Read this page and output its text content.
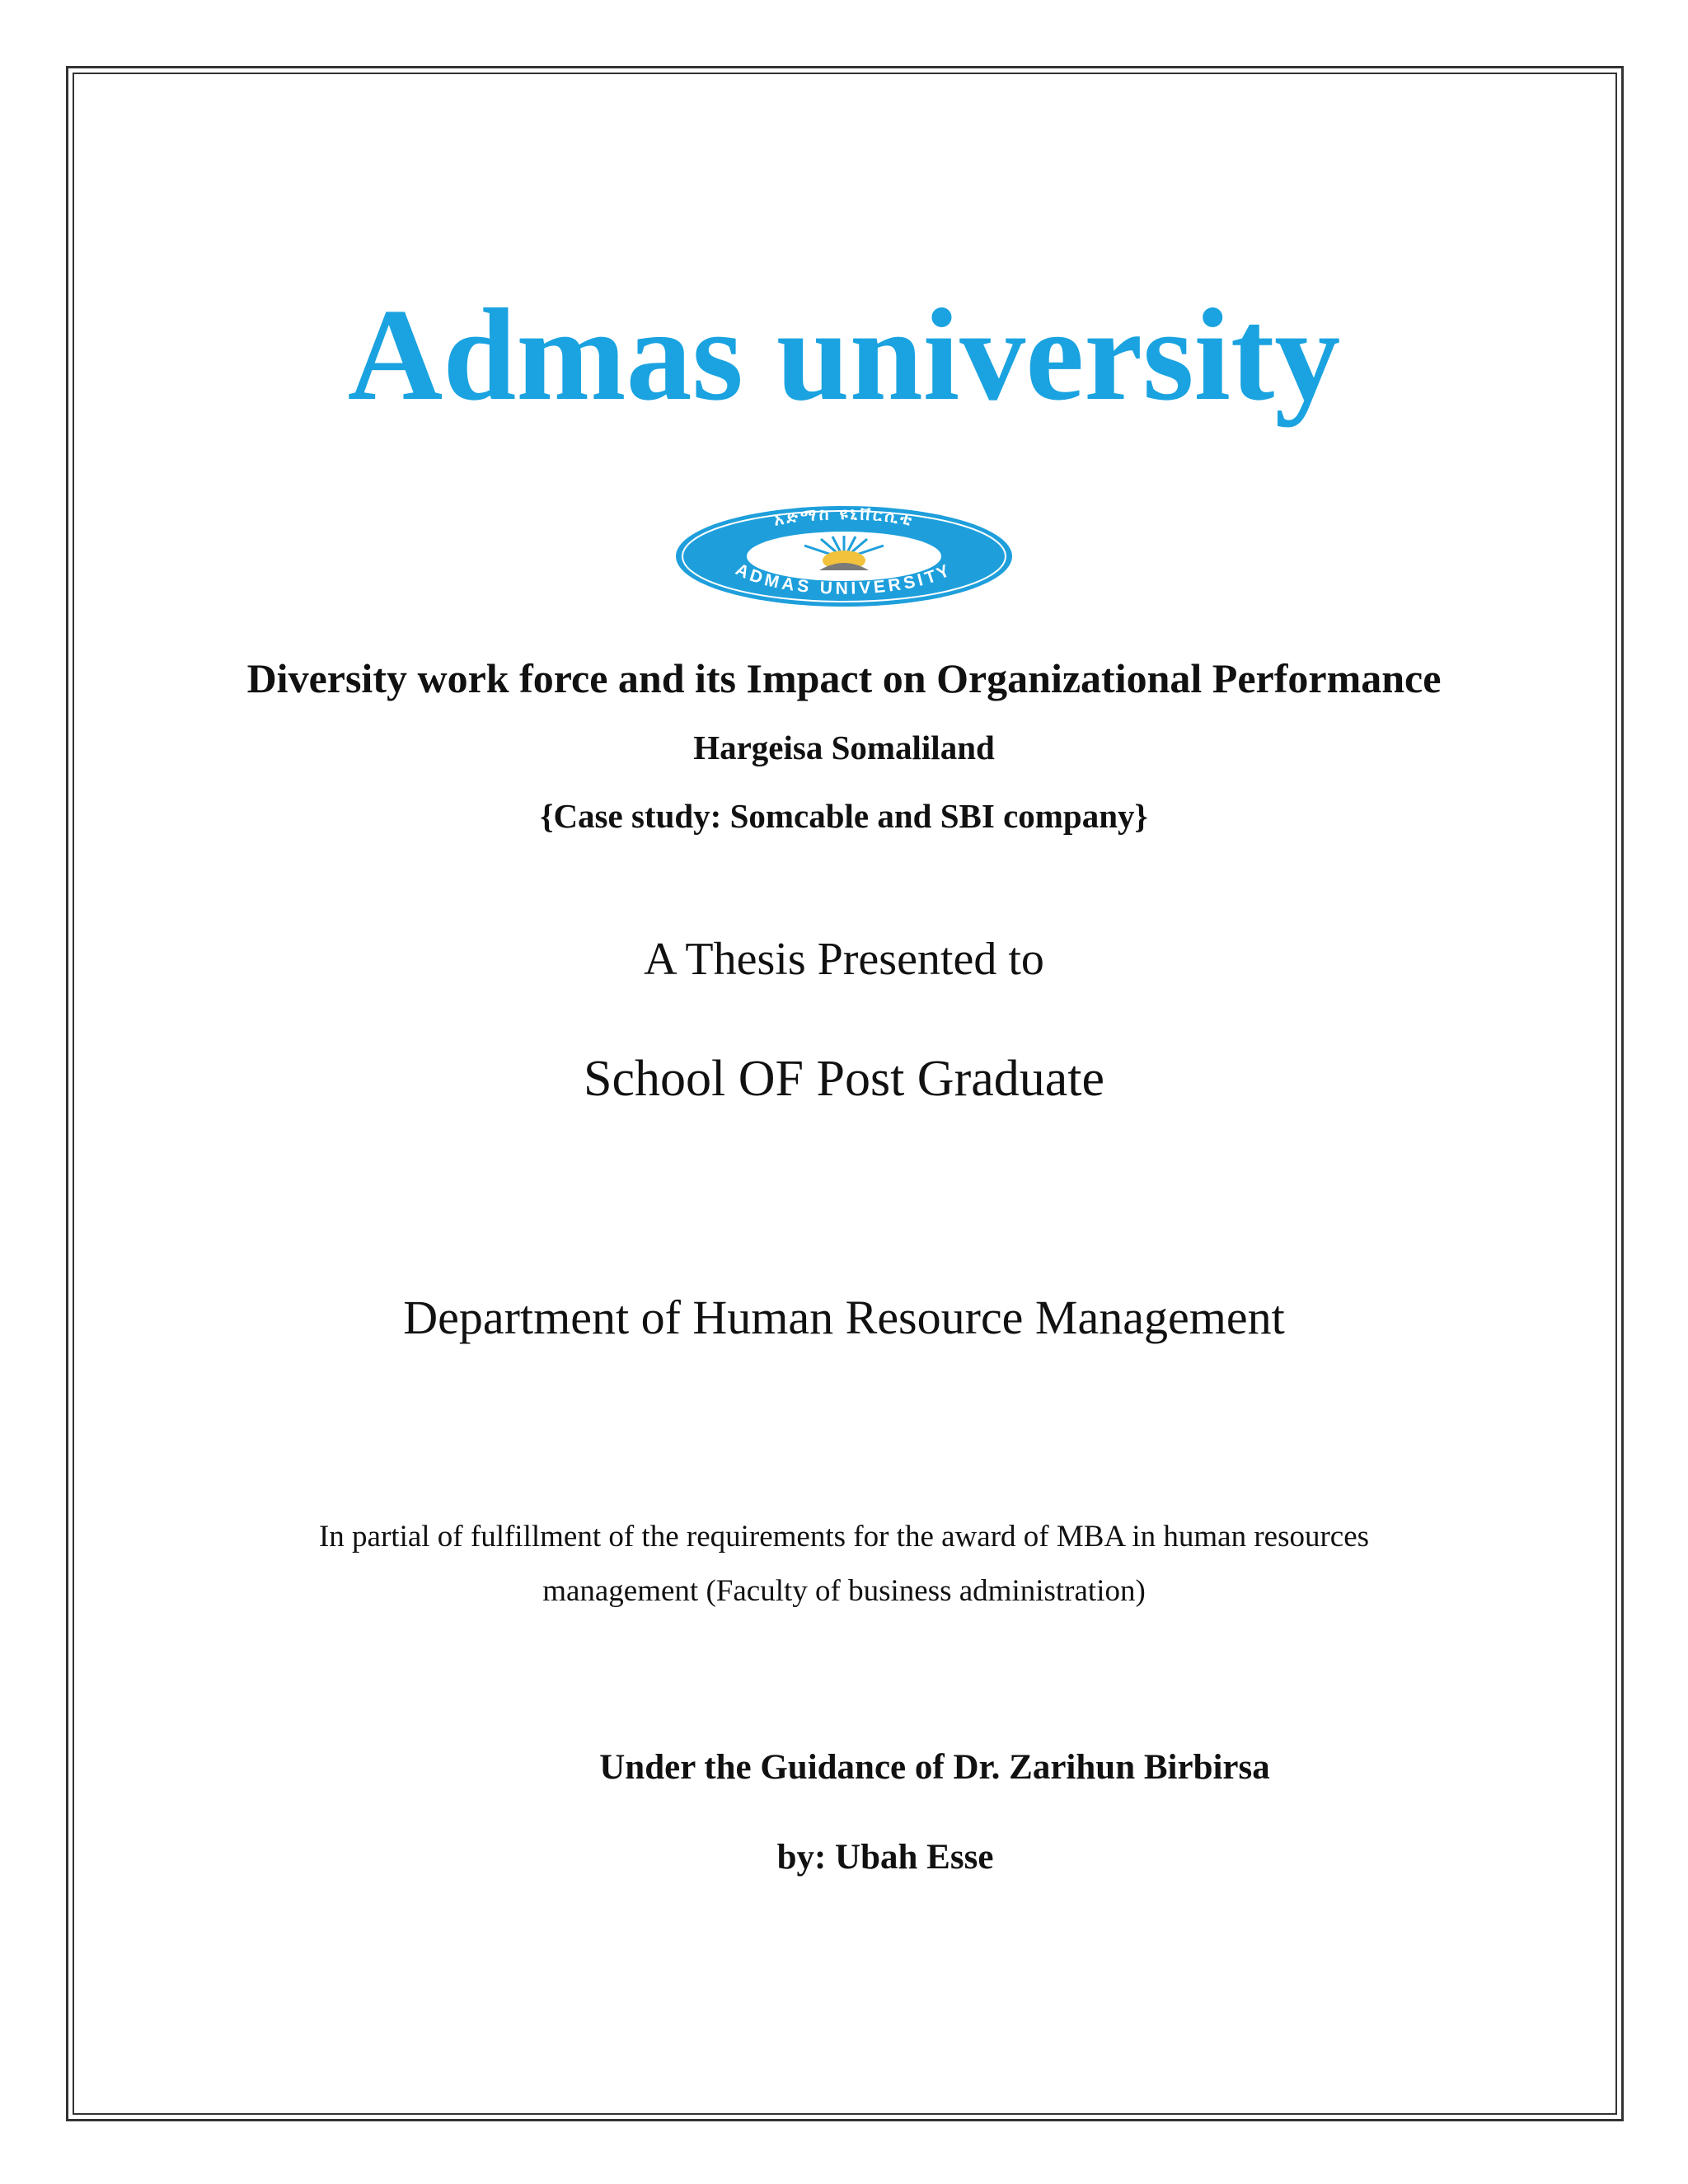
Admas university
አድማስ ዩኒቨርሲቲ
ADMAS UNIVERSITY
Diversity work force and its Impact on Organizational Performance
Hargeisa Somaliland
{Case study: Somcable and SBI company}
A Thesis Presented to
School OF Post Graduate
Department of Human Resource Management
In partial of fulfillment of the requirements for the award of MBA in human resources
management (Faculty of business administration)
Under the Guidance of Dr. Zarihun Birbirsa
by: Ubah Esse
